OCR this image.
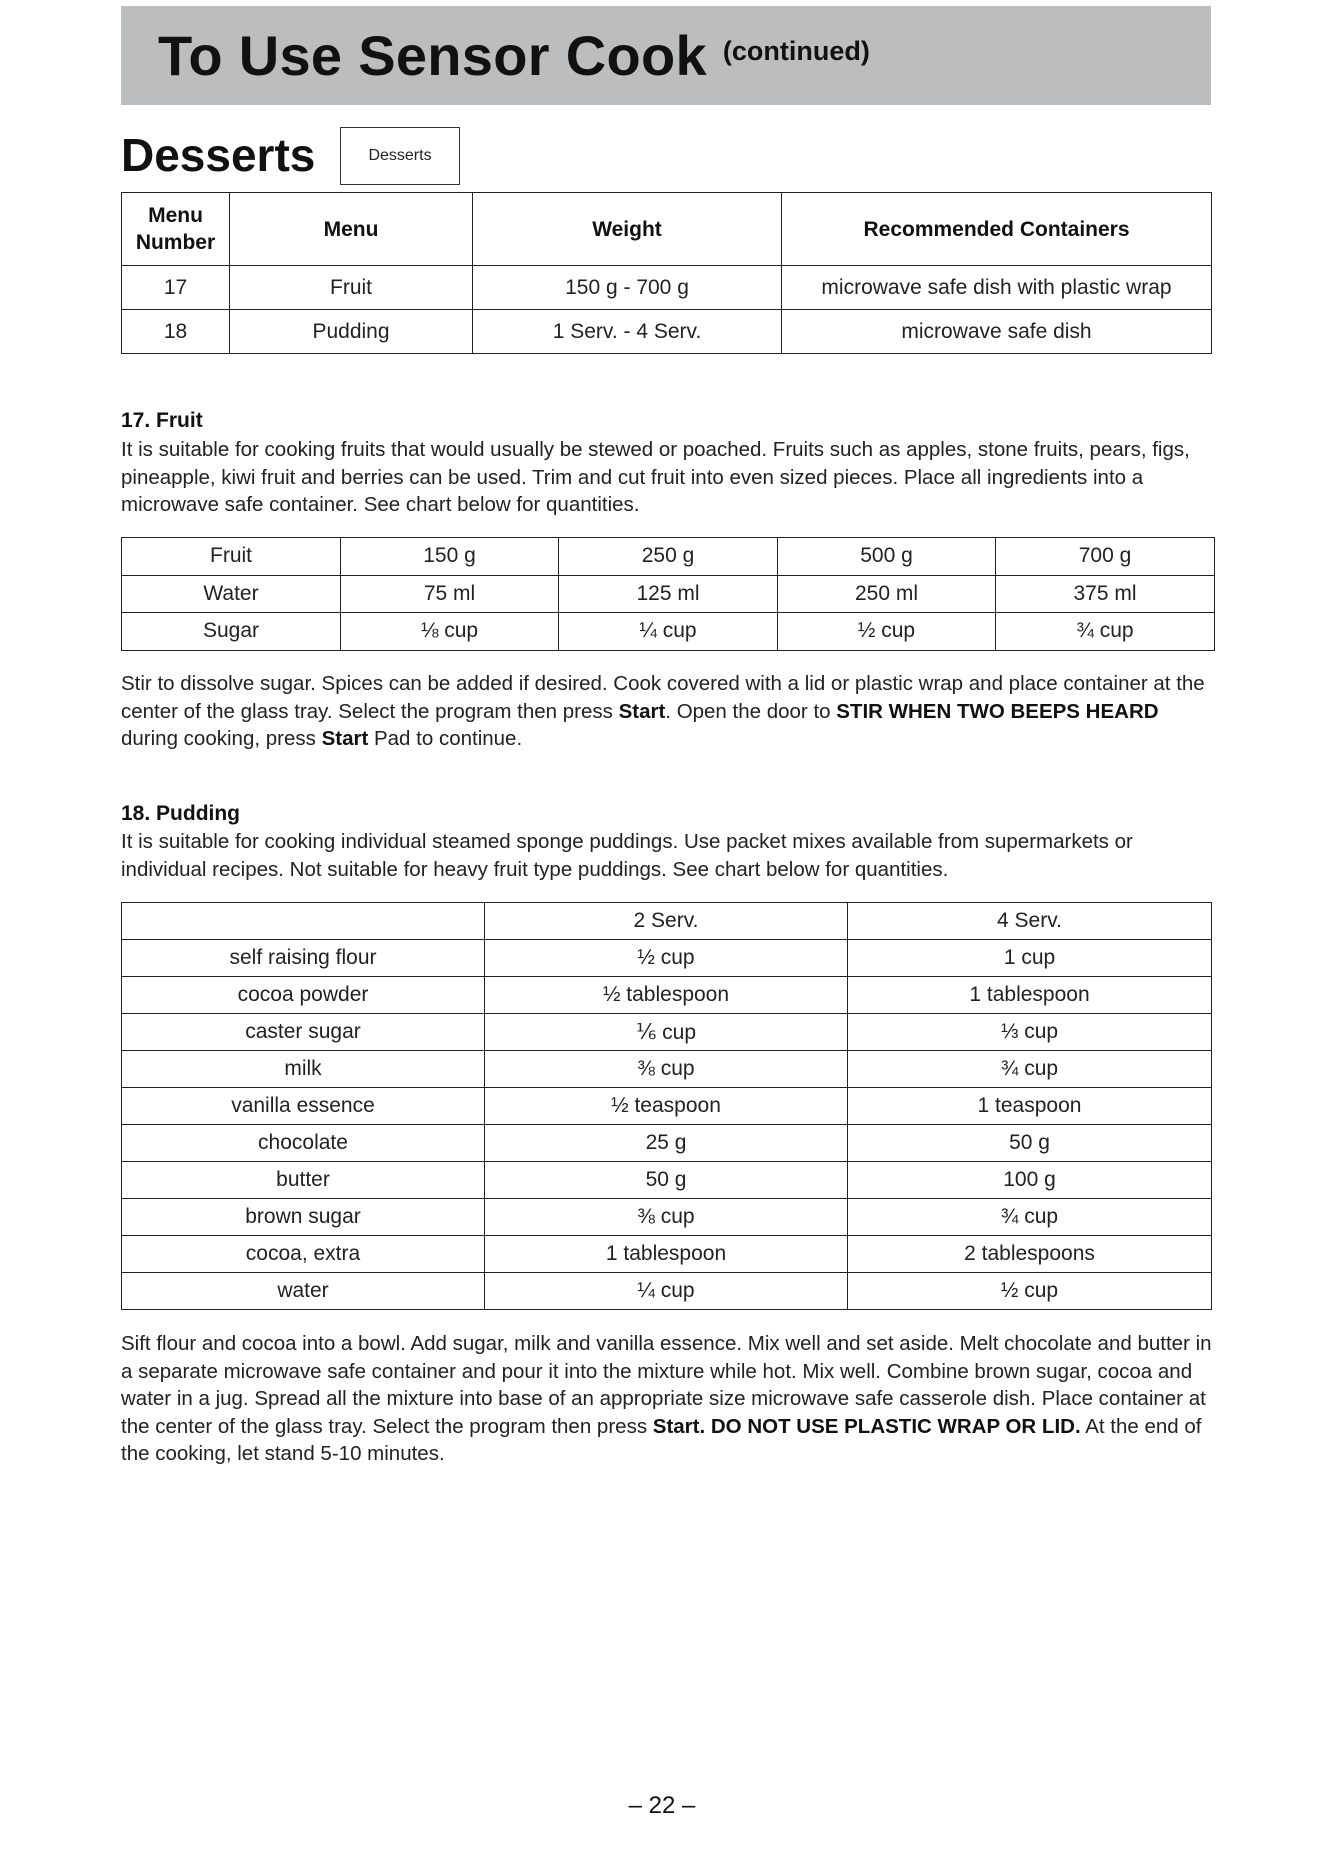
To Use Sensor Cook (continued)
Desserts	Desserts
Menu Number	Menu	Weight	Recommended Containers
17	Fruit	150 g - 700 g	microwave safe dish with plastic wrap
18	Pudding	1 Serv. - 4 Serv.	microwave safe dish
17. Fruit
It is suitable for cooking fruits that would usually be stewed or poached. Fruits such as apples, stone fruits, pears, figs, pineapple, kiwi fruit and berries can be used. Trim and cut fruit into even sized pieces. Place all ingredients into a microwave safe container. See chart below for quantities.
Fruit	150 g	250 g	500 g	700 g
Water	75 ml	125 ml	250 ml	375 ml
Sugar	⅛ cup	¼ cup	½ cup	¾ cup
Stir to dissolve sugar. Spices can be added if desired. Cook covered with a lid or plastic wrap and place container at the center of the glass tray. Select the program then press Start. Open the door to STIR WHEN TWO BEEPS HEARD during cooking, press Start Pad to continue.
18. Pudding
It is suitable for cooking individual steamed sponge puddings. Use packet mixes available from supermarkets or individual recipes. Not suitable for heavy fruit type puddings. See chart below for quantities.
	2 Serv.	4 Serv.
self raising flour	½ cup	1 cup
cocoa powder	½ tablespoon	1 tablespoon
caster sugar	⅙ cup	⅓ cup
milk	⅜ cup	¾ cup
vanilla essence	½ teaspoon	1 teaspoon
chocolate	25 g	50 g
butter	50 g	100 g
brown sugar	⅜ cup	¾ cup
cocoa, extra	1 tablespoon	2 tablespoons
water	¼ cup	½ cup
Sift flour and cocoa into a bowl. Add sugar, milk and vanilla essence. Mix well and set aside. Melt chocolate and butter in a separate microwave safe container and pour it into the mixture while hot. Mix well. Combine brown sugar, cocoa and water in a jug. Spread all the mixture into base of an appropriate size microwave safe casserole dish. Place container at the center of the glass tray. Select the program then press Start. DO NOT USE PLASTIC WRAP OR LID. At the end of the cooking, let stand 5-10 minutes.
– 22 –
